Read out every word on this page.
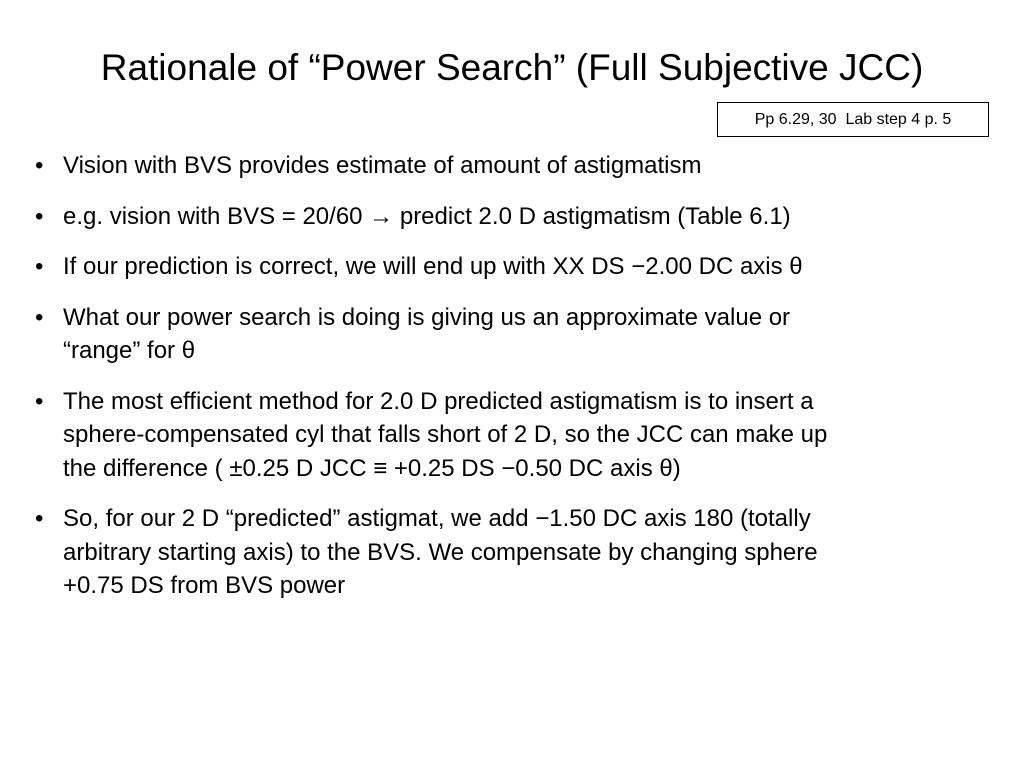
Rationale of “Power Search” (Full Subjective JCC)
Pp 6.29, 30  Lab step 4 p. 5
• Vision with BVS provides estimate of amount of astigmatism
• e.g. vision with BVS = 20/60 → predict 2.0 D astigmatism (Table 6.1)
• If our prediction is correct, we will end up with XX DS −2.00 DC axis θ
• What our power search is doing is giving us an approximate value or
“range” for θ
• The most efficient method for 2.0 D predicted astigmatism is to insert a
sphere-compensated cyl that falls short of 2 D, so the JCC can make up
the difference ( ±0.25 D JCC ≡ +0.25 DS −0.50 DC axis θ)
• So, for our 2 D “predicted” astigmat, we add −1.50 DC axis 180 (totally
arbitrary starting axis) to the BVS. We compensate by changing sphere
+0.75 DS from BVS power
